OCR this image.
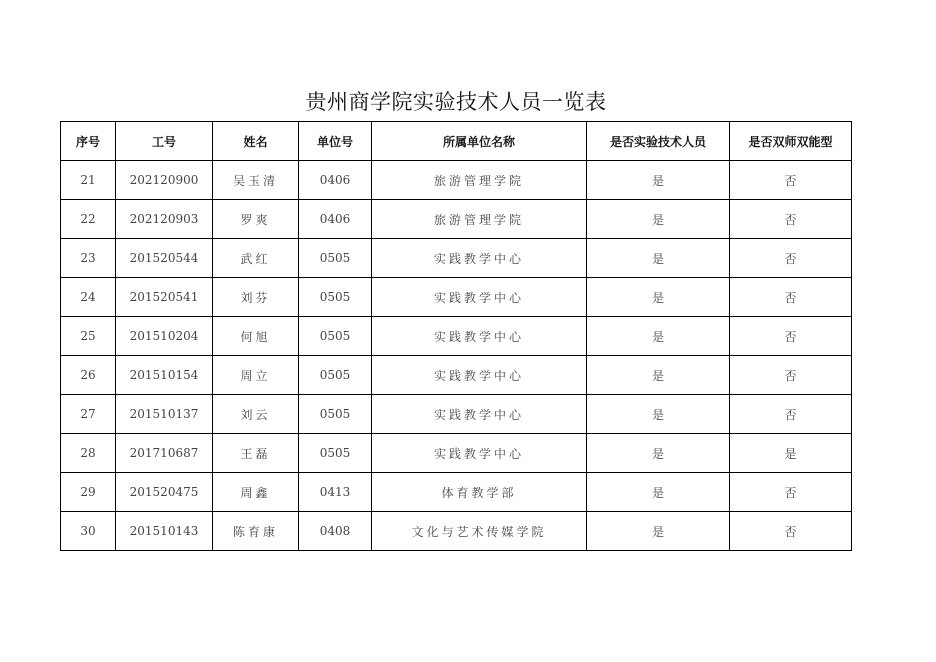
贵州商学院实验技术人员一览表
序号	工号	姓名	单位号	所属单位名称	是否实验技术人员	是否双师双能型
21	202120900	吴玉清	0406	旅游管理学院	是	否
22	202120903	罗爽	0406	旅游管理学院	是	否
23	201520544	武红	0505	实践教学中心	是	否
24	201520541	刘芬	0505	实践教学中心	是	否
25	201510204	何旭	0505	实践教学中心	是	否
26	201510154	周立	0505	实践教学中心	是	否
27	201510137	刘云	0505	实践教学中心	是	否
28	201710687	王磊	0505	实践教学中心	是	是
29	201520475	周鑫	0413	体育教学部	是	否
30	201510143	陈育康	0408	文化与艺术传媒学院	是	否
